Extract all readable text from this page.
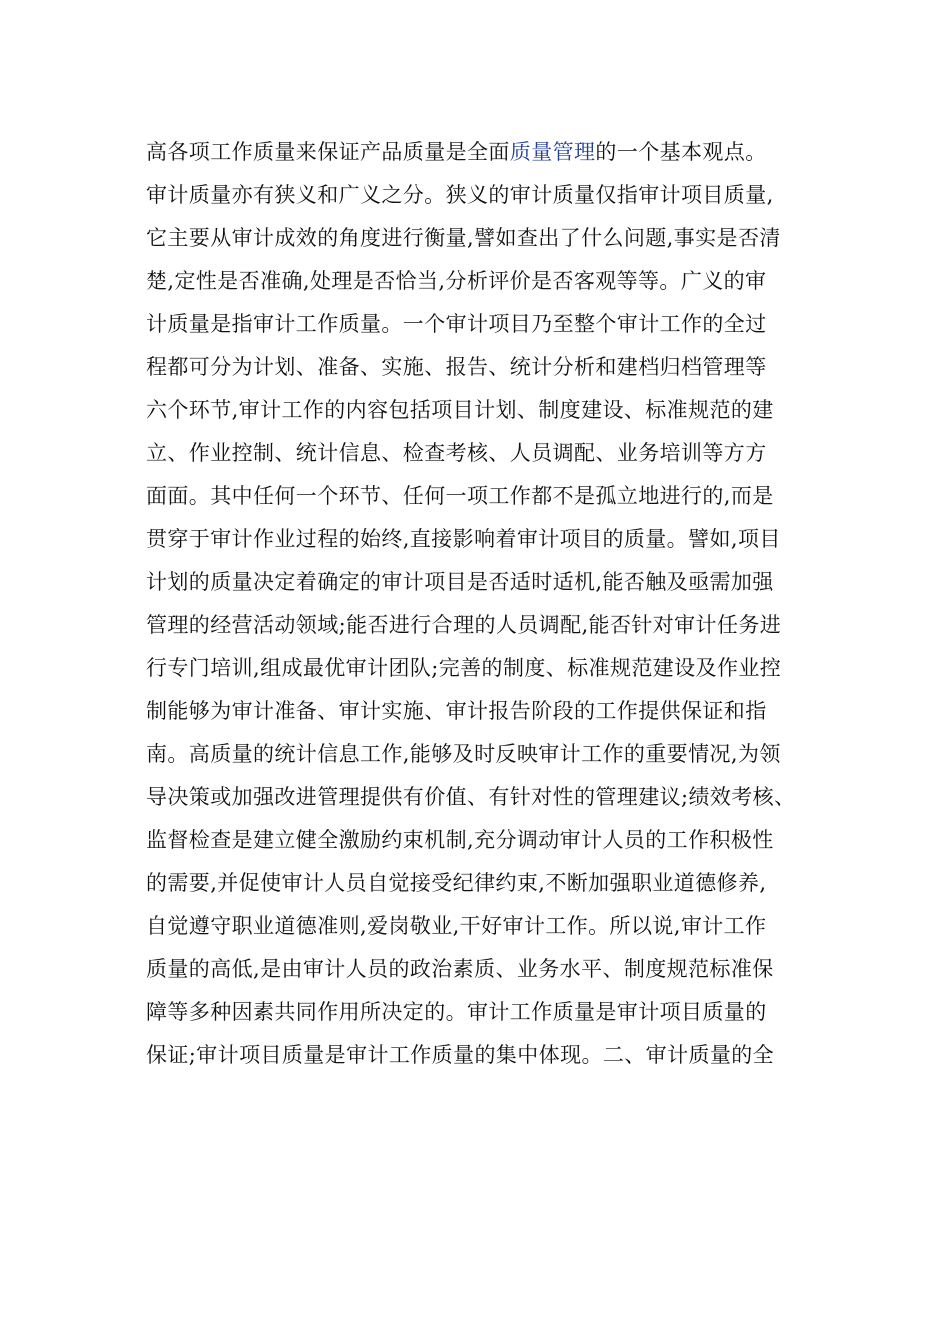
高各项工作质量来保证产品质量是全面质量管理的一个基本观点。
审计质量亦有狭义和广义之分。狭义的审计质量仅指审计项目质量,
它主要从审计成效的角度进行衡量,譬如查出了什么问题,事实是否清
楚,定性是否准确,处理是否恰当,分析评价是否客观等等。广义的审
计质量是指审计工作质量。一个审计项目乃至整个审计工作的全过
程都可分为计划、准备、实施、报告、统计分析和建档归档管理等
六个环节,审计工作的内容包括项目计划、制度建设、标准规范的建
立、作业控制、统计信息、检查考核、人员调配、业务培训等方方
面面。其中任何一个环节、任何一项工作都不是孤立地进行的,而是
贯穿于审计作业过程的始终,直接影响着审计项目的质量。譬如,项目
计划的质量决定着确定的审计项目是否适时适机,能否触及亟需加强
管理的经营活动领域;能否进行合理的人员调配,能否针对审计任务进
行专门培训,组成最优审计团队;完善的制度、标准规范建设及作业控
制能够为审计准备、审计实施、审计报告阶段的工作提供保证和指
南。高质量的统计信息工作,能够及时反映审计工作的重要情况,为领
导决策或加强改进管理提供有价值、有针对性的管理建议;绩效考核、
监督检查是建立健全激励约束机制,充分调动审计人员的工作积极性
的需要,并促使审计人员自觉接受纪律约束,不断加强职业道德修养,
自觉遵守职业道德准则,爱岗敬业,干好审计工作。所以说,审计工作
质量的高低,是由审计人员的政治素质、业务水平、制度规范标准保
障等多种因素共同作用所决定的。审计工作质量是审计项目质量的
保证;审计项目质量是审计工作质量的集中体现。二、审计质量的全
